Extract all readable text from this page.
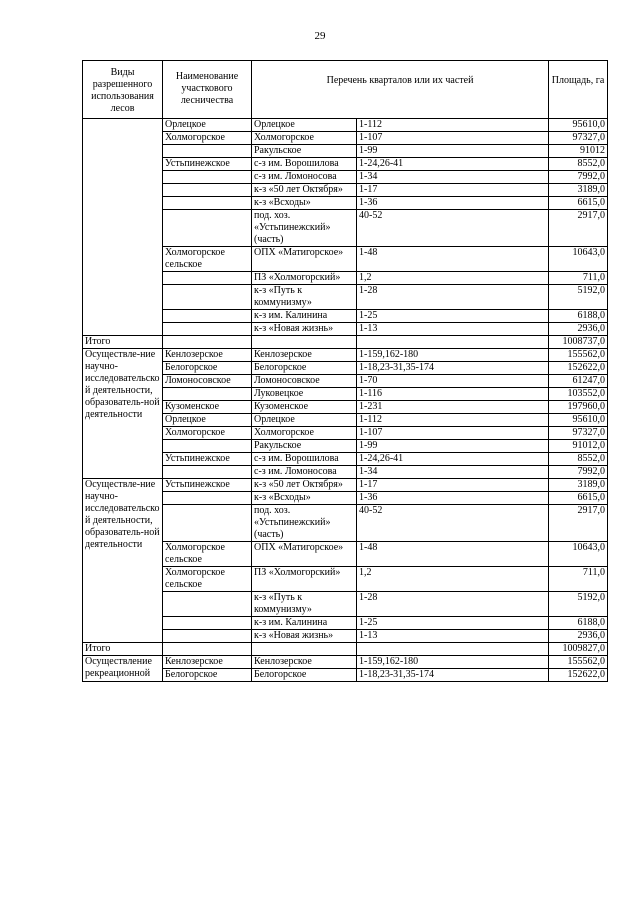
29
Виды разрешенного использования лесов	Наименование участкового лесничества	Перечень кварталов или их частей		Площадь, га
	Орлецкое	Орлецкое	1-112	95610,0
	Холмогорское	Холмогорское	1-107	97327,0
		Ракульское	1-99	91012
	Устьпинежское	с-з им. Ворошилова	1-24,26-41	8552,0
		с-з им. Ломоносова	1-34	7992,0
		к-з «50 лет Октября»	1-17	3189,0
		к-з «Всходы»	1-36	6615,0
		под. хоз. «Устьпинежский» (часть)	40-52	2917,0
	Холмогорское сельское	ОПХ «Матигорское»	1-48	10643,0
		ПЗ «Холмогорский»	1,2	711,0
		к-з «Путь к коммунизму»	1-28	5192,0
		к-з им. Калинина	1-25	6188,0
		к-з «Новая жизнь»	1-13	2936,0
Итого				1008737,0
Осуществле-ние научно-исследовательской деятельности, образователь-ной деятельности	Кенлозерское	Кенлозерское	1-159,162-180	155562,0
	Белогорское	Белогорское	1-18,23-31,35-174	152622,0
	Ломоносовское	Ломоносовское	1-70	61247,0
		Луковецкое	1-116	103552,0
	Кузоменское	Кузоменское	1-231	197960,0
	Орлецкое	Орлецкое	1-112	95610,0
	Холмогорское	Холмогорское	1-107	97327,0
		Ракульское	1-99	91012,0
	Устьпинежское	с-з им. Ворошилова	1-24,26-41	8552,0
		с-з им. Ломоносова	1-34	7992,0
Осуществле-ние научно-исследовательской деятельности, образователь-ной деятельности	Устьпинежское	к-з «50 лет Октября»	1-17	3189,0
		к-з «Всходы»	1-36	6615,0
		под. хоз. «Устьпинежский» (часть)	40-52	2917,0
	Холмогорское сельское	ОПХ «Матигорское»	1-48	10643,0
	Холмогорское сельское	ПЗ «Холмогорский»	1,2	711,0
		к-з «Путь к коммунизму»	1-28	5192,0
		к-з им. Калинина	1-25	6188,0
		к-з «Новая жизнь»	1-13	2936,0
Итого				1009827,0
Осуществление рекреационной	Кенлозерское	Кенлозерское	1-159,162-180	155562,0
	Белогорское	Белогорское	1-18,23-31,35-174	152622,0
